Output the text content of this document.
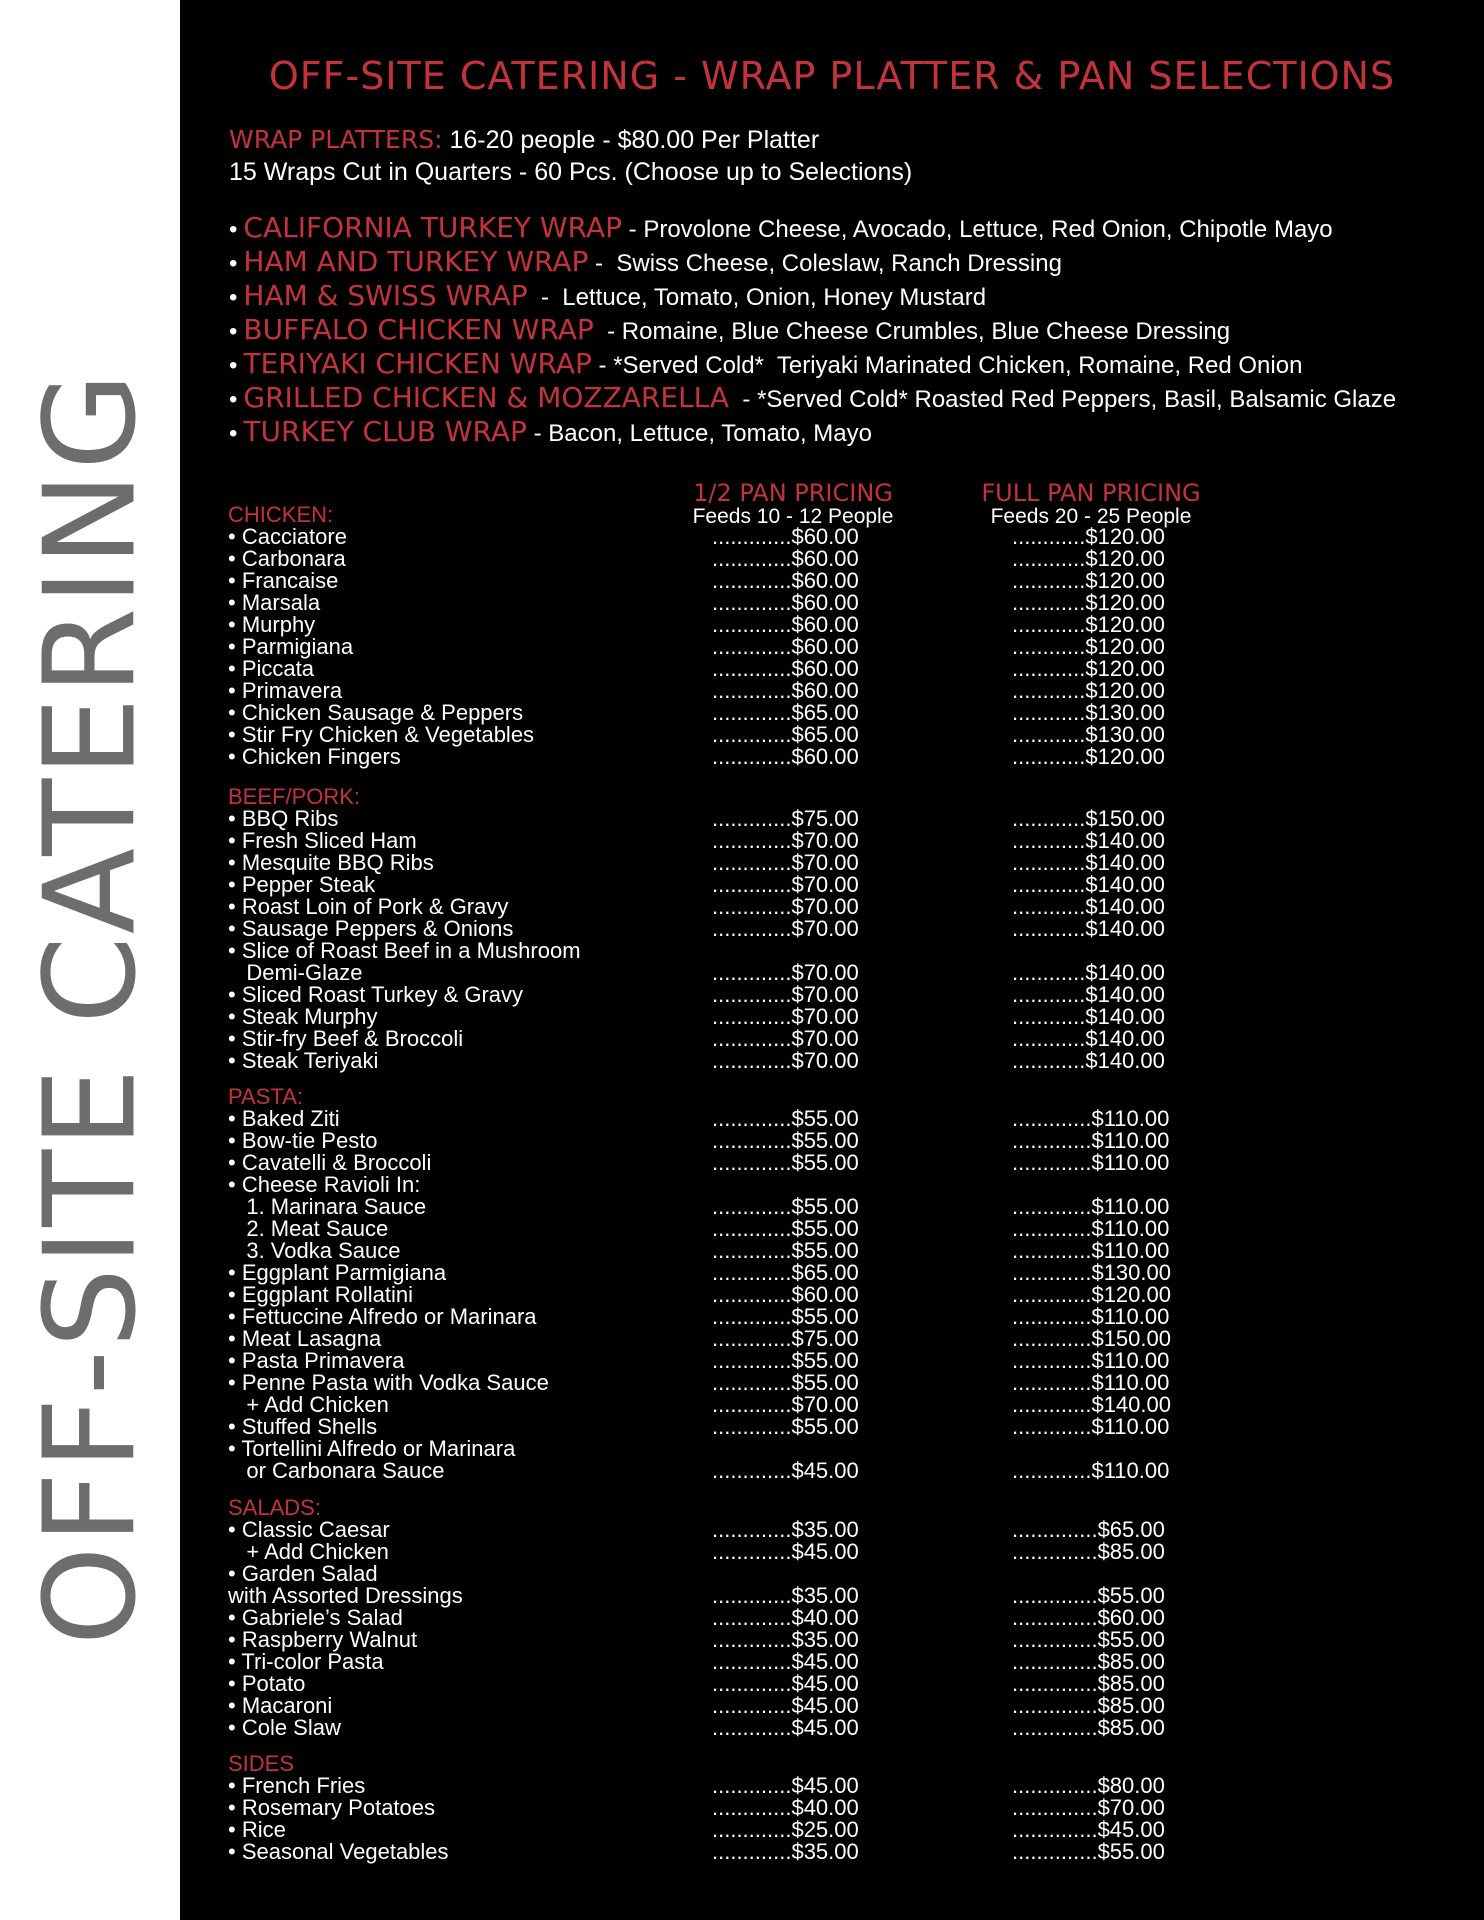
OFF-SITE CATERING
OFF-SITE CATERING - WRAP PLATTER & PAN SELECTIONS
WRAP PLATTERS: 16-20 people - $80.00 Per Platter
15 Wraps Cut in Quarters - 60 Pcs. (Choose up to Selections)
• CALIFORNIA TURKEY WRAP - Provolone Cheese, Avocado, Lettuce, Red Onion, Chipotle Mayo
• HAM AND TURKEY WRAP -  Swiss Cheese, Coleslaw, Ranch Dressing
• HAM & SWISS WRAP  -  Lettuce, Tomato, Onion, Honey Mustard
• BUFFALO CHICKEN WRAP  - Romaine, Blue Cheese Crumbles, Blue Cheese Dressing
• TERIYAKI CHICKEN WRAP - *Served Cold*  Teriyaki Marinated Chicken, Romaine, Red Onion
• GRILLED CHICKEN & MOZZARELLA  - *Served Cold* Roasted Red Peppers, Basil, Balsamic Glaze
• TURKEY CLUB WRAP - Bacon, Lettuce, Tomato, Mayo
1/2 PAN PRICING
Feeds 10 - 12 People
FULL PAN PRICING
Feeds 20 - 25 People
CHICKEN:
• Cacciatore	.............$60.00	............$120.00
• Carbonara	.............$60.00	............$120.00
• Francaise	.............$60.00	............$120.00
• Marsala	.............$60.00	............$120.00
• Murphy	.............$60.00	............$120.00
• Parmigiana	.............$60.00	............$120.00
• Piccata	.............$60.00	............$120.00
• Primavera	.............$60.00	............$120.00
• Chicken Sausage & Peppers	.............$65.00	............$130.00
• Stir Fry Chicken & Vegetables	.............$65.00	............$130.00
• Chicken Fingers	.............$60.00	............$120.00
BEEF/PORK:
• BBQ Ribs	.............$75.00	............$150.00
• Fresh Sliced Ham	.............$70.00	............$140.00
• Mesquite BBQ Ribs	.............$70.00	............$140.00
• Pepper Steak	.............$70.00	............$140.00
• Roast Loin of Pork & Gravy	.............$70.00	............$140.00
• Sausage Peppers & Onions	.............$70.00	............$140.00
• Slice of Roast Beef in a Mushroom
Demi-Glaze	.............$70.00	............$140.00
• Sliced Roast Turkey & Gravy	.............$70.00	............$140.00
• Steak Murphy	.............$70.00	............$140.00
• Stir-fry Beef & Broccoli	.............$70.00	............$140.00
• Steak Teriyaki	.............$70.00	............$140.00
PASTA:
• Baked Ziti	.............$55.00	.............$110.00
• Bow-tie Pesto	.............$55.00	.............$110.00
• Cavatelli & Broccoli	.............$55.00	.............$110.00
• Cheese Ravioli In:
1. Marinara Sauce	.............$55.00	.............$110.00
2. Meat Sauce	.............$55.00	.............$110.00
3. Vodka Sauce	.............$55.00	.............$110.00
• Eggplant Parmigiana	.............$65.00	.............$130.00
• Eggplant Rollatini	.............$60.00	.............$120.00
• Fettuccine Alfredo or Marinara	.............$55.00	.............$110.00
• Meat Lasagna	.............$75.00	.............$150.00
• Pasta Primavera	.............$55.00	.............$110.00
• Penne Pasta with Vodka Sauce	.............$55.00	.............$110.00
+ Add Chicken	.............$70.00	.............$140.00
• Stuffed Shells	.............$55.00	.............$110.00
• Tortellini Alfredo or Marinara
or Carbonara Sauce	.............$45.00	.............$110.00
SALADS:
• Classic Caesar	.............$35.00	..............$65.00
+ Add Chicken	.............$45.00	..............$85.00
• Garden Salad
with Assorted Dressings	.............$35.00	..............$55.00
• Gabriele’s Salad	.............$40.00	..............$60.00
• Raspberry Walnut	.............$35.00	..............$55.00
• Tri-color Pasta	.............$45.00	..............$85.00
• Potato	.............$45.00	..............$85.00
• Macaroni	.............$45.00	..............$85.00
• Cole Slaw	.............$45.00	..............$85.00
SIDES
• French Fries	.............$45.00	..............$80.00
• Rosemary Potatoes	.............$40.00	..............$70.00
• Rice	.............$25.00	..............$45.00
• Seasonal Vegetables	.............$35.00	..............$55.00
